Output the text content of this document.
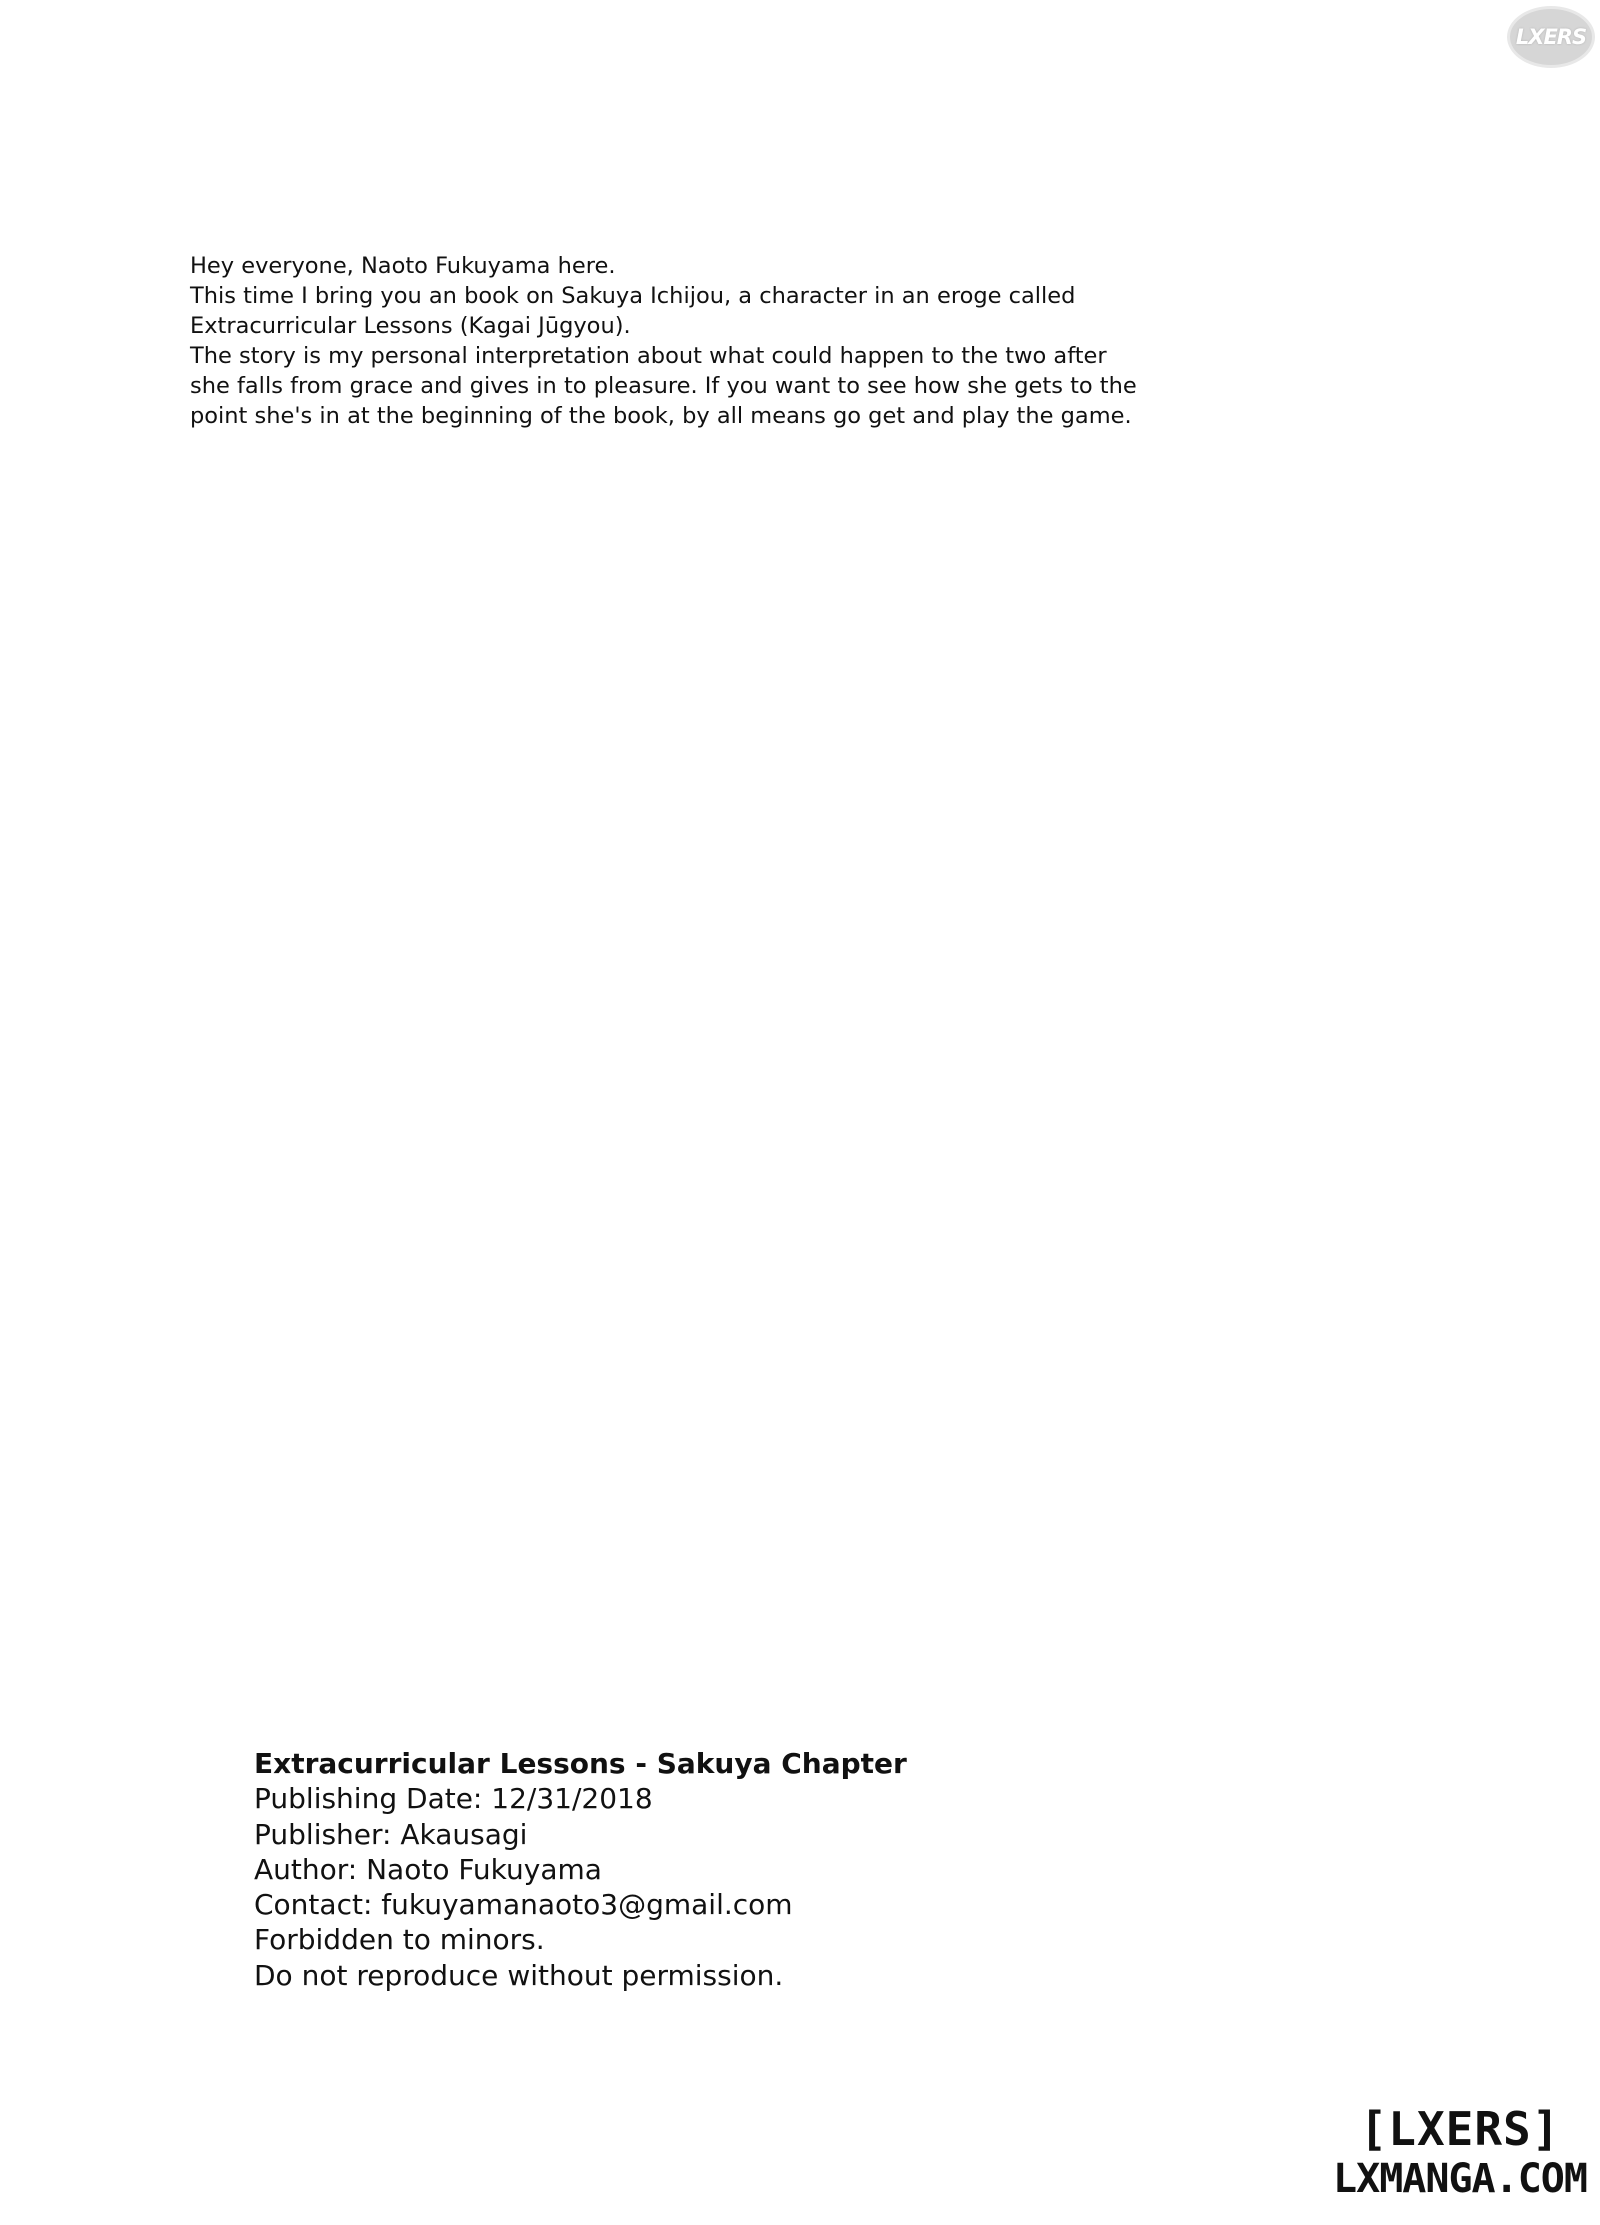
LXERS
Hey everyone, Naoto Fukuyama here.
This time I bring you an book on Sakuya Ichijou, a character in an eroge called
Extracurricular Lessons (Kagai Jūgyou).
The story is my personal interpretation about what could happen to the two after
she falls from grace and gives in to pleasure. If you want to see how she gets to the
point she's in at the beginning of the book, by all means go get and play the game.
Extracurricular Lessons - Sakuya Chapter
Publishing Date: 12/31/2018
Publisher: Akausagi
Author: Naoto Fukuyama
Contact: fukuyamanaoto3@gmail.com
Forbidden to minors.
Do not reproduce without permission.
[LXERS]
LXMANGA.COM
